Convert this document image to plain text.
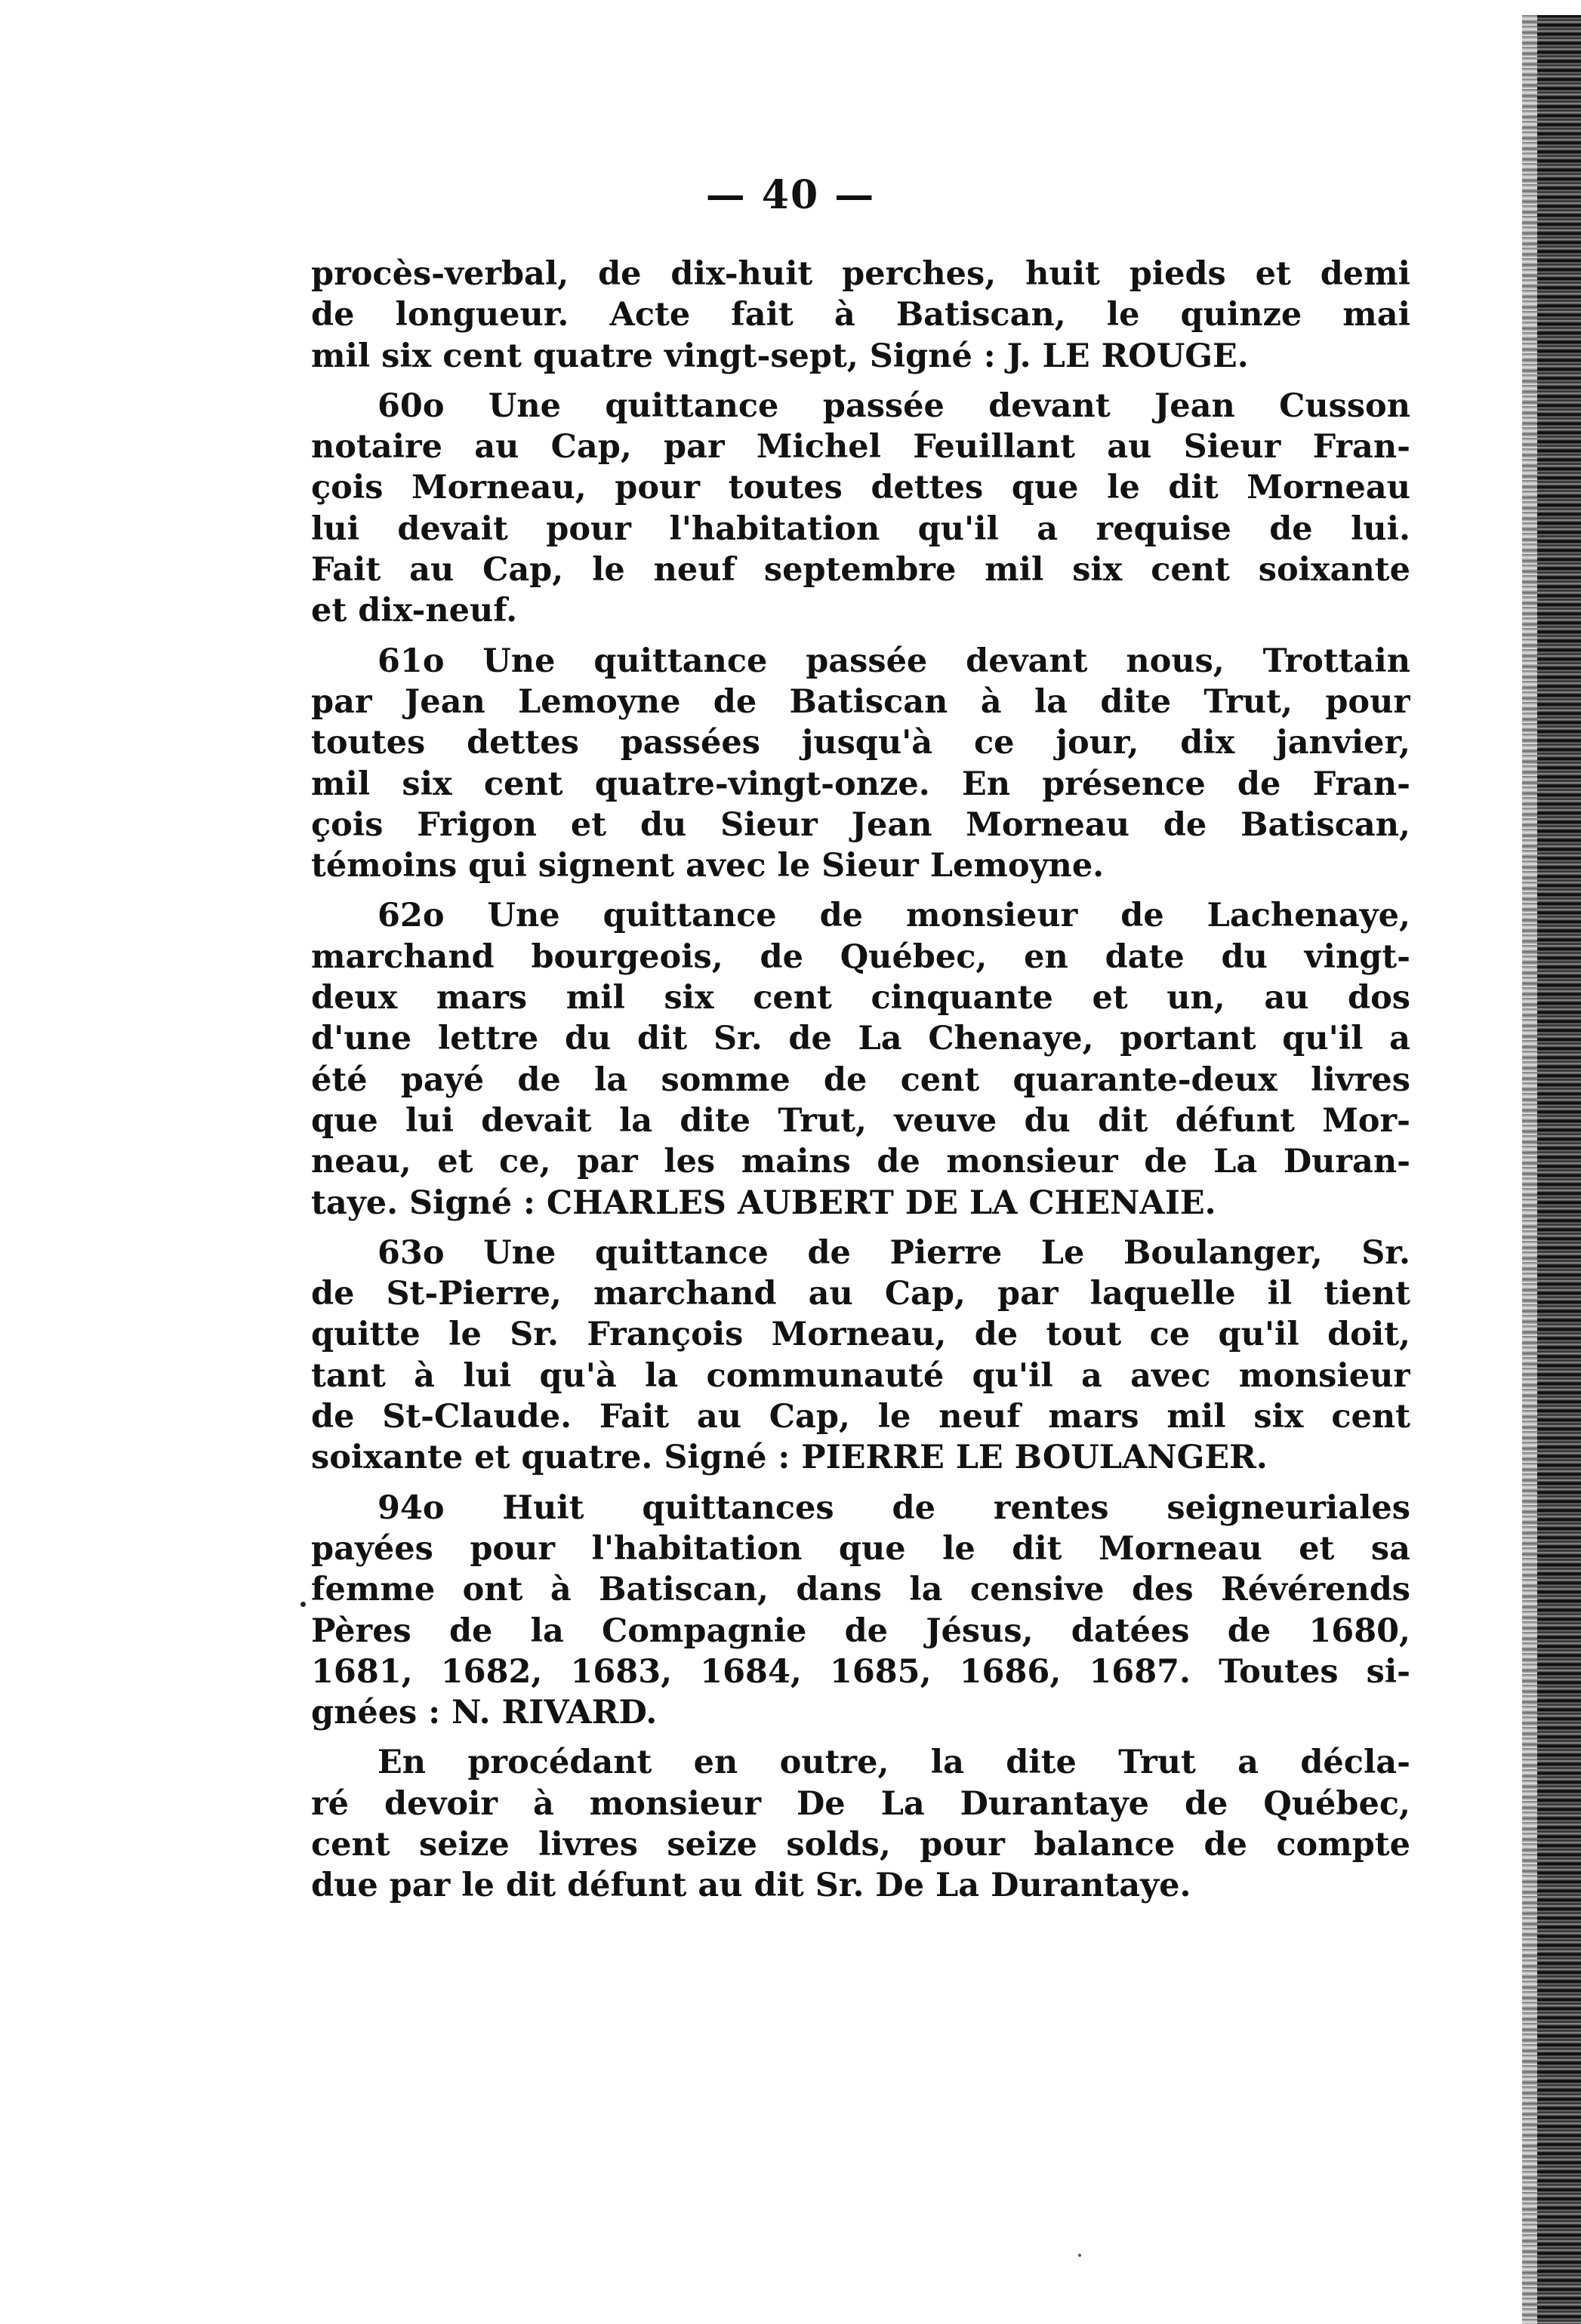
— 40 —
procès-verbal, de dix-huit perches, huit pieds et demi
de longueur. Acte fait à Batiscan, le quinze mai
mil six cent quatre vingt-sept, Signé : J. LE ROUGE.
60o Une quittance passée devant Jean Cusson
notaire au Cap, par Michel Feuillant au Sieur Fran-
çois Morneau, pour toutes dettes que le dit Morneau
lui devait pour l'habitation qu'il a requise de lui.
Fait au Cap, le neuf septembre mil six cent soixante
et dix-neuf.
61o Une quittance passée devant nous, Trottain
par Jean Lemoyne de Batiscan à la dite Trut, pour
toutes dettes passées jusqu'à ce jour, dix janvier,
mil six cent quatre-vingt-onze. En présence de Fran-
çois Frigon et du Sieur Jean Morneau de Batiscan,
témoins qui signent avec le Sieur Lemoyne.
62o Une quittance de monsieur de Lachenaye,
marchand bourgeois, de Québec, en date du vingt-
deux mars mil six cent cinquante et un, au dos
d'une lettre du dit Sr. de La Chenaye, portant qu'il a
été payé de la somme de cent quarante-deux livres
que lui devait la dite Trut, veuve du dit défunt Mor-
neau, et ce, par les mains de monsieur de La Duran-
taye. Signé : CHARLES AUBERT DE LA CHENAIE.
63o Une quittance de Pierre Le Boulanger, Sr.
de St-Pierre, marchand au Cap, par laquelle il tient
quitte le Sr. François Morneau, de tout ce qu'il doit,
tant à lui qu'à la communauté qu'il a avec monsieur
de St-Claude. Fait au Cap, le neuf mars mil six cent
soixante et quatre. Signé : PIERRE LE BOULANGER.
94o Huit quittances de rentes seigneuriales
payées pour l'habitation que le dit Morneau et sa
femme ont à Batiscan, dans la censive des Révérends
Pères de la Compagnie de Jésus, datées de 1680,
1681, 1682, 1683, 1684, 1685, 1686, 1687. Toutes si-
gnées : N. RIVARD.
En procédant en outre, la dite Trut a décla-
ré devoir à monsieur De La Durantaye de Québec,
cent seize livres seize solds, pour balance de compte
due par le dit défunt au dit Sr. De La Durantaye.
